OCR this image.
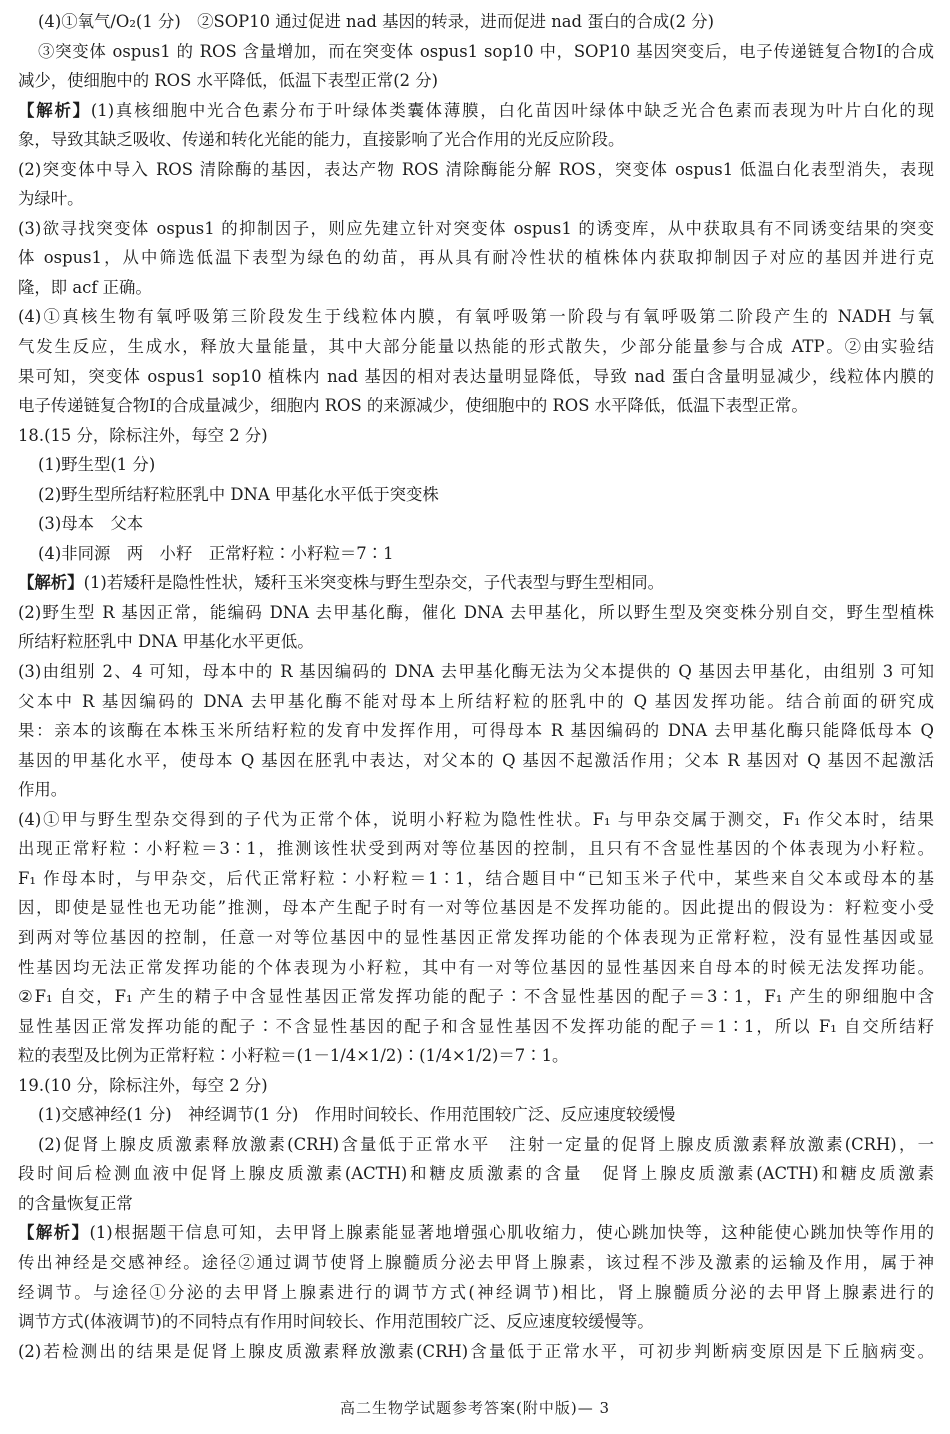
(4)①氧气/O₂(1 分)　②SOP10 通过促进 nad 基因的转录，进而促进 nad 蛋白的合成(2 分)
③突变体 ospus1 的 ROS 含量增加，而在突变体 ospus1 sop10 中，SOP10 基因突变后，电子传递链复合物Ⅰ的合成
减少，使细胞中的 ROS 水平降低，低温下表型正常(2 分)
【解析】(1)真核细胞中光合色素分布于叶绿体类囊体薄膜，白化苗因叶绿体中缺乏光合色素而表现为叶片白化的现
象，导致其缺乏吸收、传递和转化光能的能力，直接影响了光合作用的光反应阶段。
(2)突变体中导入 ROS 清除酶的基因，表达产物 ROS 清除酶能分解 ROS，突变体 ospus1 低温白化表型消失，表现
为绿叶。
(3)欲寻找突变体 ospus1 的抑制因子，则应先建立针对突变体 ospus1 的诱变库，从中获取具有不同诱变结果的突变
体 ospus1，从中筛选低温下表型为绿色的幼苗，再从具有耐冷性状的植株体内获取抑制因子对应的基因并进行克
隆，即 acf 正确。
(4)①真核生物有氧呼吸第三阶段发生于线粒体内膜，有氧呼吸第一阶段与有氧呼吸第二阶段产生的 NADH 与氧
气发生反应，生成水，释放大量能量，其中大部分能量以热能的形式散失，少部分能量参与合成 ATP。②由实验结
果可知，突变体 ospus1 sop10 植株内 nad 基因的相对表达量明显降低，导致 nad 蛋白含量明显减少，线粒体内膜的
电子传递链复合物Ⅰ的合成量减少，细胞内 ROS 的来源减少，使细胞中的 ROS 水平降低，低温下表型正常。
18.(15 分，除标注外，每空 2 分)
(1)野生型(1 分)
(2)野生型所结籽粒胚乳中 DNA 甲基化水平低于突变株
(3)母本　父本
(4)非同源　两　小籽　正常籽粒∶小籽粒＝7∶1
【解析】(1)若矮秆是隐性性状，矮秆玉米突变株与野生型杂交，子代表型与野生型相同。
(2)野生型 R 基因正常，能编码 DNA 去甲基化酶，催化 DNA 去甲基化，所以野生型及突变株分别自交，野生型植株
所结籽粒胚乳中 DNA 甲基化水平更低。
(3)由组别 2、4 可知，母本中的 R 基因编码的 DNA 去甲基化酶无法为父本提供的 Q 基因去甲基化，由组别 3 可知
父本中 R 基因编码的 DNA 去甲基化酶不能对母本上所结籽粒的胚乳中的 Q 基因发挥功能。结合前面的研究成
果：亲本的该酶在本株玉米所结籽粒的发育中发挥作用，可得母本 R 基因编码的 DNA 去甲基化酶只能降低母本 Q
基因的甲基化水平，使母本 Q 基因在胚乳中表达，对父本的 Q 基因不起激活作用；父本 R 基因对 Q 基因不起激活
作用。
(4)①甲与野生型杂交得到的子代为正常个体，说明小籽粒为隐性性状。F₁ 与甲杂交属于测交，F₁ 作父本时，结果
出现正常籽粒∶小籽粒＝3∶1，推测该性状受到两对等位基因的控制，且只有不含显性基因的个体表现为小籽粒。
F₁ 作母本时，与甲杂交，后代正常籽粒∶小籽粒＝1∶1，结合题目中“已知玉米子代中，某些来自父本或母本的基
因，即使是显性也无功能”推测，母本产生配子时有一对等位基因是不发挥功能的。因此提出的假设为：籽粒变小受
到两对等位基因的控制，任意一对等位基因中的显性基因正常发挥功能的个体表现为正常籽粒，没有显性基因或显
性基因均无法正常发挥功能的个体表现为小籽粒，其中有一对等位基因的显性基因来自母本的时候无法发挥功能。
②F₁ 自交，F₁ 产生的精子中含显性基因正常发挥功能的配子∶不含显性基因的配子＝3∶1，F₁ 产生的卵细胞中含
显性基因正常发挥功能的配子∶不含显性基因的配子和含显性基因不发挥功能的配子＝1∶1，所以 F₁ 自交所结籽
粒的表型及比例为正常籽粒∶小籽粒＝(1－1/4×1/2)∶(1/4×1/2)＝7∶1。
19.(10 分，除标注外，每空 2 分)
(1)交感神经(1 分)　神经调节(1 分)　作用时间较长、作用范围较广泛、反应速度较缓慢
(2)促肾上腺皮质激素释放激素(CRH)含量低于正常水平　注射一定量的促肾上腺皮质激素释放激素(CRH)，一
段时间后检测血液中促肾上腺皮质激素(ACTH)和糖皮质激素的含量　促肾上腺皮质激素(ACTH)和糖皮质激素
的含量恢复正常
【解析】(1)根据题干信息可知，去甲肾上腺素能显著地增强心肌收缩力，使心跳加快等，这种能使心跳加快等作用的
传出神经是交感神经。途径②通过调节使肾上腺髓质分泌去甲肾上腺素，该过程不涉及激素的运输及作用，属于神
经调节。与途径①分泌的去甲肾上腺素进行的调节方式(神经调节)相比，肾上腺髓质分泌的去甲肾上腺素进行的
调节方式(体液调节)的不同特点有作用时间较长、作用范围较广泛、反应速度较缓慢等。
(2)若检测出的结果是促肾上腺皮质激素释放激素(CRH)含量低于正常水平，可初步判断病变原因是下丘脑病变。
高二生物学试题参考答案(附中版)— 3
